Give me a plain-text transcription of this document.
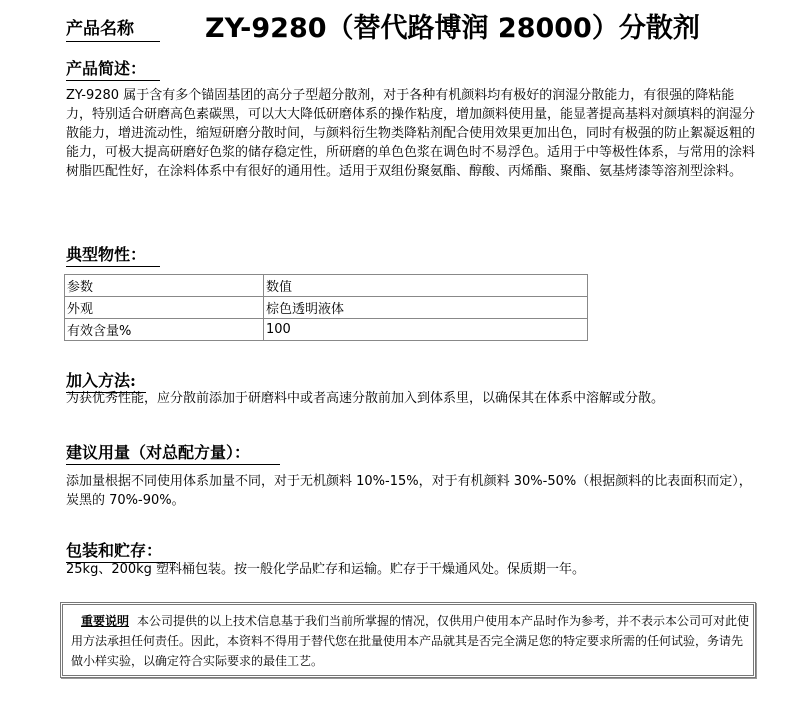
产品名称	ZY-9280（替代路博润 28000）分散剂
产品简述：
ZY-9280 属于含有多个锚固基团的高分子型超分散剂，对于各种有机颜料均有极好的润湿分散能力，有很强的降粘能力，特别适合研磨高色素碳黑，可以大大降低研磨体系的操作粘度，增加颜料使用量，能显著提高基料对颜填料的润湿分散能力，增进流动性，缩短研磨分散时间，与颜料衍生物类降粘剂配合使用效果更加出色，同时有极强的防止絮凝返粗的能力，可极大提高研磨好色浆的储存稳定性，所研磨的单色色浆在调色时不易浮色。适用于中等极性体系，与常用的涂料树脂匹配性好，在涂料体系中有很好的通用性。适用于双组份聚氨酯、醇酸、丙烯酯、聚酯、氨基烤漆等溶剂型涂料。
典型物性：
参数	数值
外观	棕色透明液体
有效含量%	100
加入方法:
为获优秀性能，应分散前添加于研磨料中或者高速分散前加入到体系里，以确保其在体系中溶解或分散。
建议用量（对总配方量）：
添加量根据不同使用体系加量不同，对于无机颜料 10%-15%，对于有机颜料 30%-50%（根据颜料的比表面积而定），炭黑的 70%-90%。
包装和贮存：
25kg、200kg 塑料桶包装。按一般化学品贮存和运输。贮存于干燥通风处。保质期一年。
重要说明 本公司提供的以上技术信息基于我们当前所掌握的情况，仅供用户使用本产品时作为参考，并不表示本公司可对此使用方法承担任何责任。因此，本资料不得用于替代您在批量使用本产品就其是否完全满足您的特定要求所需的任何试验，务请先做小样实验，以确定符合实际要求的最佳工艺。
